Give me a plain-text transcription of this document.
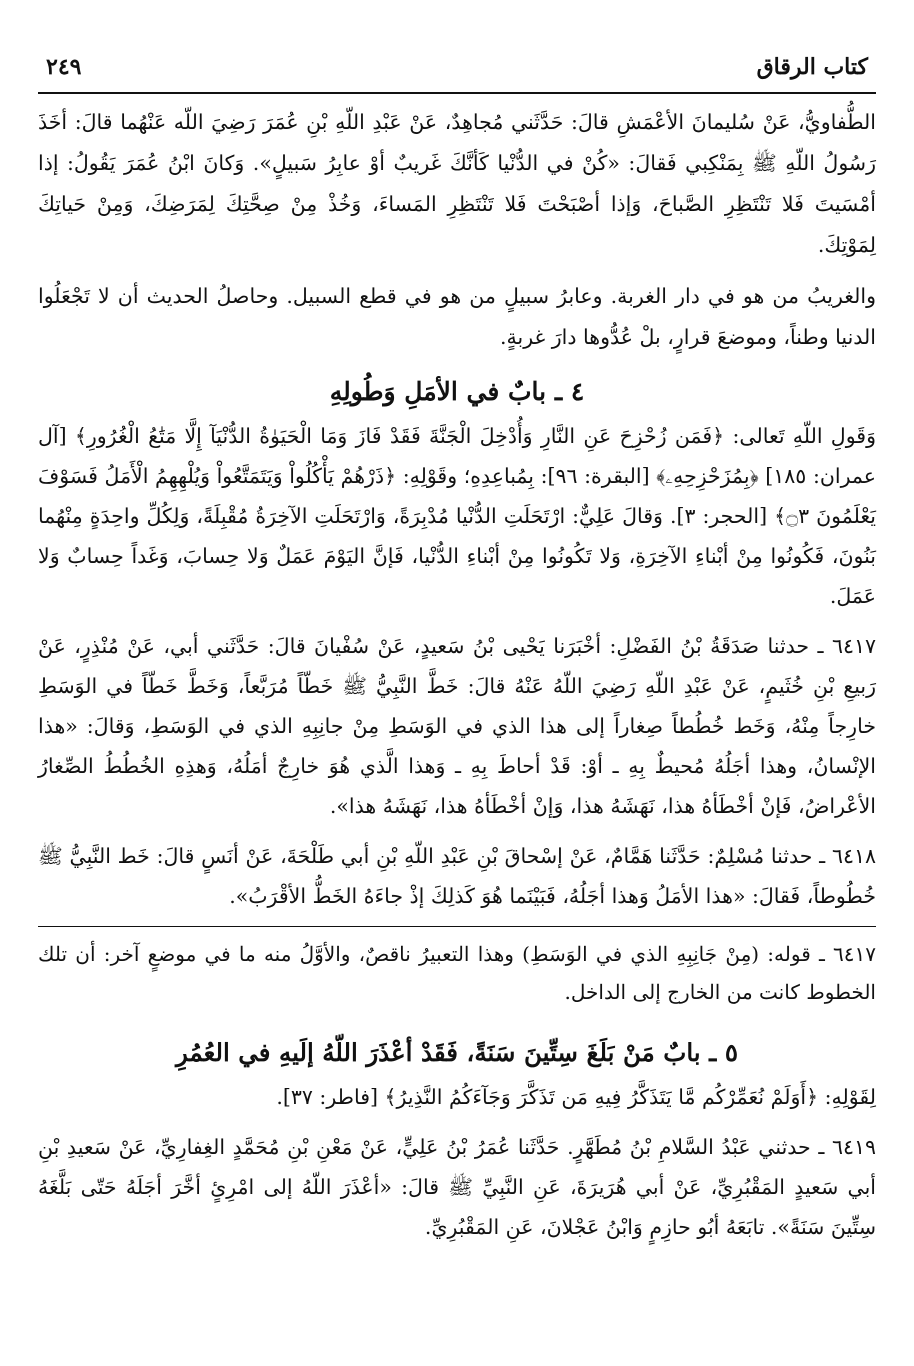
كتاب الرقاق
٢٤٩

الطُّفاويُّ، عَنْ سُليمانَ الأعْمَشِ قالَ: حَدَّثَني مُجاهِدٌ، عَنْ عَبْدِ اللّهِ بْنِ عُمَرَ رَضِيَ اللّه عَنْهُما قالَ: أخَذَ رَسُولُ اللّهِ ﷺ بِمَنْكِبي فَقالَ: «كُنْ في الدُّنْيا كَأنَّكَ غَريبٌ أوْ عابِرُ سَبيلٍ». وَكانَ ابْنُ عُمَرَ يَقُولُ: إذا أمْسَيتَ فَلا تَنْتَظِرِ الصَّباحَ، وَإذا أصْبَحْتَ فَلا تَنْتَظِرِ المَساءَ، وَخُذْ مِنْ صِحَّتِكَ لِمَرَضِكَ، وَمِنْ حَياتِكَ لِمَوْتِكَ.

والغريبُ من هو في دار الغربة. وعابرُ سبيلٍ من هو في قطع السبيل. وحاصلُ الحديث أن لا تَجْعَلُوا الدنيا وطناً، وموضعَ قرارٍ، بلْ عُدُّوها دارَ غربةٍ.

٤ ـ بابٌ في الأمَلِ وَطُولِهِ

وَقَولِ اللّهِ تَعالى: ﴿فَمَن زُحْزِحَ عَنِ النَّارِ وَأُدْخِلَ الْجَنَّةَ فَقَدْ فَازَ وَمَا الْحَيَوٰةُ الدُّنْيَآ إِلَّا مَتَٰعُ الْغُرُورِ﴾ [آل عمران: ١٨٥] ﴿بِمُزَحْزِحِهِۦ﴾ [البقرة: ٩٦]: بِمُباعِدِهِ؛ وقَوْلِهِ: ﴿ذَرْهُمْ يَأْكُلُواْ وَيَتَمَتَّعُواْ وَيُلْهِهِمُ الْأَمَلُ فَسَوْفَ يَعْلَمُونَ ۝٣﴾ [الحجر: ٣]. وَقالَ عَلِيٌّ: ارْتَحَلَتِ الدُّنْيا مُدْبِرَةً، وَارْتَحَلَتِ الآخِرَةُ مُقْبِلَةً، وَلِكُلِّ واحِدَةٍ مِنْهُما بَنُونَ، فَكُونُوا مِنْ أبْناءِ الآخِرَةِ، وَلا تَكُونُوا مِنْ أبْناءِ الدُّنْيا، فَإنَّ اليَوْمَ عَمَلٌ وَلا حِسابَ، وَغَداً حِسابٌ وَلا عَمَلَ.

٦٤١٧ ـ حدثنا صَدَقَةُ بْنُ الفَضْلِ: أخْبَرَنا يَحْيى بْنُ سَعيدٍ، عَنْ سُفْيانَ قالَ: حَدَّثَني أبي، عَنْ مُنْذِرٍ، عَنْ رَبيعِ بْنِ خُثَيمٍ، عَنْ عَبْدِ اللّهِ رَضِيَ اللّهُ عَنْهُ قالَ: خَطَّ النَّبِيُّ ﷺ خَطّاً مُرَبَّعاً، وَخَطَّ خَطّاً في الوَسَطِ خارِجاً مِنْهُ، وَخَط خُطُطاً صِغاراً إلى هذا الذي في الوَسَطِ مِنْ جانِبِهِ الذي في الوَسَطِ، وَقالَ: «هذا الإنْسانُ، وهذا أجَلُهُ مُحيطٌ بِهِ ـ أوْ: قَدْ أحاطَ بِهِ ـ وَهذا الَّذي هُوَ خارِجٌ أمَلُهُ، وَهذِهِ الخُطُطُ الصِّغارُ الأعْراضُ، فَإنْ أخْطَأهُ هذا، نَهَشَهُ هذا، وَإنْ أخْطَأهُ هذا، نَهَشَهُ هذا».

٦٤١٨ ـ حدثنا مُسْلِمٌ: حَدَّثَنا هَمَّامٌ، عَنْ إسْحاقَ بْنِ عَبْدِ اللّهِ بْنِ أبي طَلْحَةَ، عَنْ أنَسٍ قالَ: خَط النَّبِيُّ ﷺ خُطُوطاً، فَقالَ: «هذا الأمَلُ وَهذا أجَلُهُ، فَبَيْنَما هُوَ كَذلِكَ إذْ جاءَهُ الخَطُّ الأقْرَبُ».

٦٤١٧ ـ قوله: (مِنْ جَانِبِهِ الذي في الوَسَطِ) وهذا التعبيرُ ناقصٌ، والأوَّلُ منه ما في موضعٍ آخر: أن تلك الخطوط كانت من الخارج إلى الداخل.

٥ ـ بابٌ مَنْ بَلَغَ سِتِّينَ سَنَةً، فَقَدْ أعْذَرَ اللّهُ إلَيهِ في العُمُرِ

لِقَوْلِهِ: ﴿أَوَلَمْ نُعَمِّرْكُم مَّا يَتَذَكَّرُ فِيهِ مَن تَذَكَّرَ وَجَآءَكُمُ النَّذِيرُ﴾ [فاطر: ٣٧].

٦٤١٩ ـ حدثني عَبْدُ السَّلامِ بْنُ مُطَهَّرٍ. حَدَّثَنا عُمَرُ بْنُ عَلِيٍّ، عَنْ مَعْنِ بْنِ مُحَمَّدٍ الغِفارِيِّ، عَنْ سَعيدِ بْنِ أبي سَعيدٍ المَقْبُرِيِّ، عَنْ أبي هُرَيرَةَ، عَنِ النَّبِيِّ ﷺ قالَ: «أعْذَرَ اللّهُ إلى امْرِئٍ أخَّرَ أجَلَهُ حَتّى بَلَّغَهُ سِتِّينَ سَنَةً». تابَعَهُ أبُو حازِمٍ وَابْنُ عَجْلانَ، عَنِ المَقْبُرِيِّ.
